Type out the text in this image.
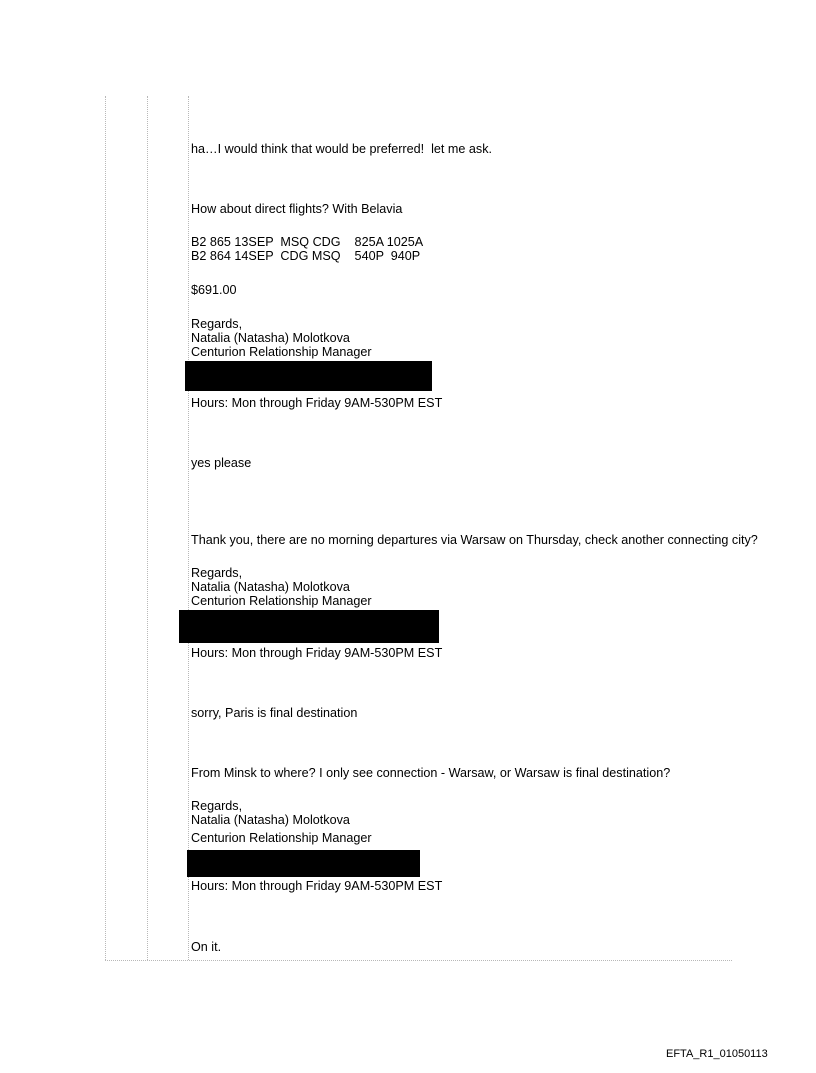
ha…I would think that would be preferred!  let me ask.

How about direct flights? With Belavia

B2 865 13SEP  MSQ CDG    825A 1025A

B2 864 14SEP  CDG MSQ    540P  940P

$691.00

Regards,

Natalia (Natasha) Molotkova

Centurion Relationship Manager

Hours: Mon through Friday 9AM-530PM EST

yes please

Thank you, there are no morning departures via Warsaw on Thursday, check another connecting city?

Regards,

Natalia (Natasha) Molotkova

Centurion Relationship Manager

Hours: Mon through Friday 9AM-530PM EST

sorry, Paris is final destination

From Minsk to where? I only see connection - Warsaw, or Warsaw is final destination?

Regards,

Natalia (Natasha) Molotkova

Centurion Relationship Manager

Hours: Mon through Friday 9AM-530PM EST

On it.

EFTA_R1_01050113
